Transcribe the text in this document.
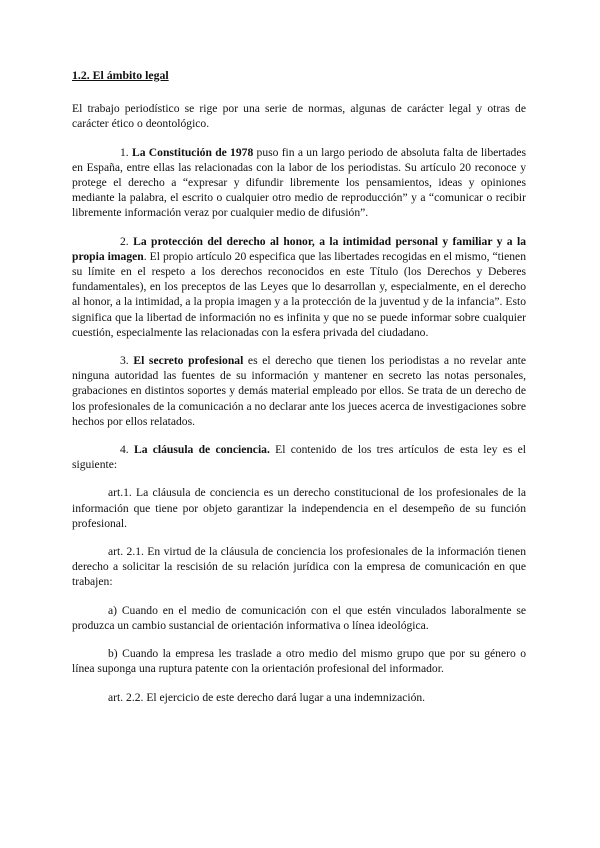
1.2. El ámbito legal

El trabajo periodístico se rige por una serie de normas, algunas de carácter legal y otras de carácter ético o deontológico.

1. La Constitución de 1978 puso fin a un largo periodo de absoluta falta de libertades en España, entre ellas las relacionadas con la labor de los periodistas. Su artículo 20 reconoce y protege el derecho a “expresar y difundir libremente los pensamientos, ideas y opiniones mediante la palabra, el escrito o cualquier otro medio de reproducción” y a “comunicar o recibir libremente información veraz por cualquier medio de difusión”.

2. La protección del derecho al honor, a la intimidad personal y familiar y a la propia imagen. El propio artículo 20 especifica que las libertades recogidas en el mismo, “tienen su límite en el respeto a los derechos reconocidos en este Título (los Derechos y Deberes fundamentales), en los preceptos de las Leyes que lo desarrollan y, especialmente, en el derecho al honor, a la intimidad, a la propia imagen y a la protección de la juventud y de la infancia”. Esto significa que la libertad de información no es infinita y que no se puede informar sobre cualquier cuestión, especialmente las relacionadas con la esfera privada del ciudadano.

3. El secreto profesional es el derecho que tienen los periodistas a no revelar ante ninguna autoridad las fuentes de su información y mantener en secreto las notas personales, grabaciones en distintos soportes y demás material empleado por ellos. Se trata de un derecho de los profesionales de la comunicación a no declarar ante los jueces acerca de investigaciones sobre hechos por ellos relatados.

4. La cláusula de conciencia. El contenido de los tres artículos de esta ley es el siguiente:

art.1. La cláusula de conciencia es un derecho constitucional de los profesionales de la información que tiene por objeto garantizar la independencia en el desempeño de su función profesional.

art. 2.1. En virtud de la cláusula de conciencia los profesionales de la información tienen derecho a solicitar la rescisión de su relación jurídica con la empresa de comunicación en que trabajen:

a) Cuando en el medio de comunicación con el que estén vinculados laboralmente se produzca un cambio sustancial de orientación informativa o línea ideológica.

b) Cuando la empresa les traslade a otro medio del mismo grupo que por su género o línea suponga una ruptura patente con la orientación profesional del informador.

art. 2.2. El ejercicio de este derecho dará lugar a una indemnización.
